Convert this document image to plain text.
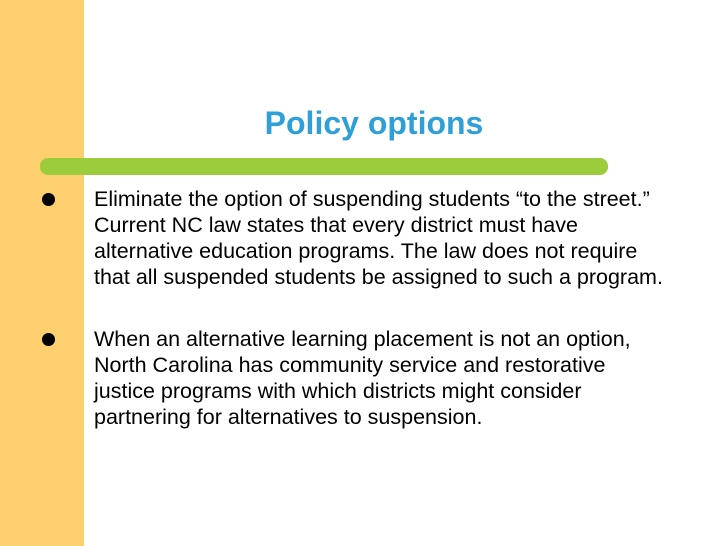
Policy options
Eliminate the option of suspending students “to the street.” Current NC law states that every district must have alternative education programs. The law does not require that all suspended students be assigned to such a program.
When an alternative learning placement is not an option, North Carolina has community service and restorative justice programs with which districts might consider partnering for alternatives to suspension.
